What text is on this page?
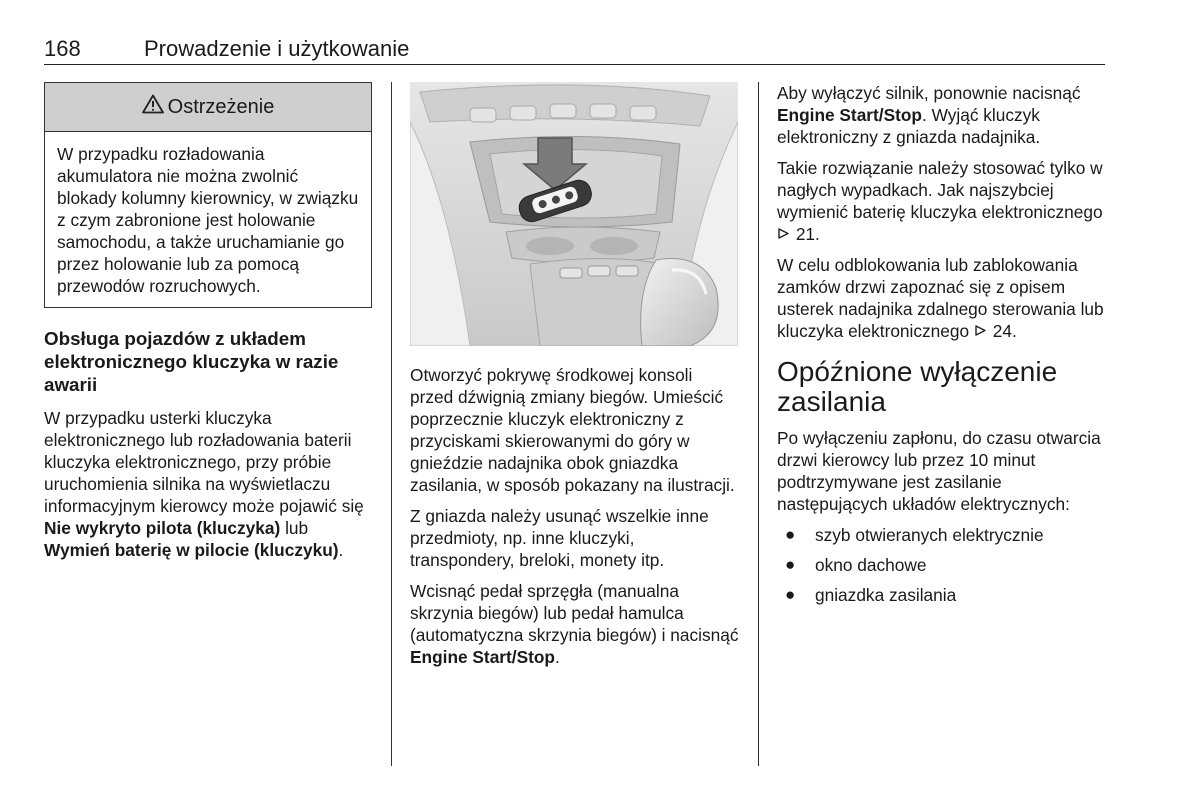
168	Prowadzenie i użytkowanie
Ostrzeżenie

W przypadku rozładowania akumulatora nie można zwolnić blokady kolumny kierownicy, w związku z czym zabronione jest holowanie samochodu, a także uruchamianie go przez holowanie lub za pomocą przewodów rozruchowych.

Obsługa pojazdów z układem elektronicznego kluczyka w razie awarii

W przypadku usterki kluczyka elektronicznego lub rozładowania baterii kluczyka elektronicznego, przy próbie uruchomienia silnika na wyświetlaczu informacyjnym kierowcy może pojawić się Nie wykryto pilota (kluczyka) lub Wymień baterię w pilocie (kluczyku).

Otworzyć pokrywę środkowej konsoli przed dźwignią zmiany biegów. Umieścić poprzecznie kluczyk elektroniczny z przyciskami skierowanymi do góry w gnieździe nadajnika obok gniazdka zasilania, w sposób pokazany na ilustracji.

Z gniazda należy usunąć wszelkie inne przedmioty, np. inne kluczyki, transpondery, breloki, monety itp.

Wcisnąć pedał sprzęgła (manualna skrzynia biegów) lub pedał hamulca (automatyczna skrzynia biegów) i nacisnąć Engine Start/Stop.

Aby wyłączyć silnik, ponownie nacisnąć Engine Start/Stop. Wyjąć kluczyk elektroniczny z gniazda nadajnika.

Takie rozwiązanie należy stosować tylko w nagłych wypadkach. Jak najszybciej wymienić baterię kluczyka elektronicznego  21.

W celu odblokowania lub zablokowania zamków drzwi zapoznać się z opisem usterek nadajnika zdalnego sterowania lub kluczyka elektronicznego  24.

Opóźnione wyłączenie zasilania

Po wyłączeniu zapłonu, do czasu otwarcia drzwi kierowcy lub przez 10 minut podtrzymywane jest zasilanie następujących układów elektrycznych:

● szyb otwieranych elektrycznie
● okno dachowe
● gniazdka zasilania
